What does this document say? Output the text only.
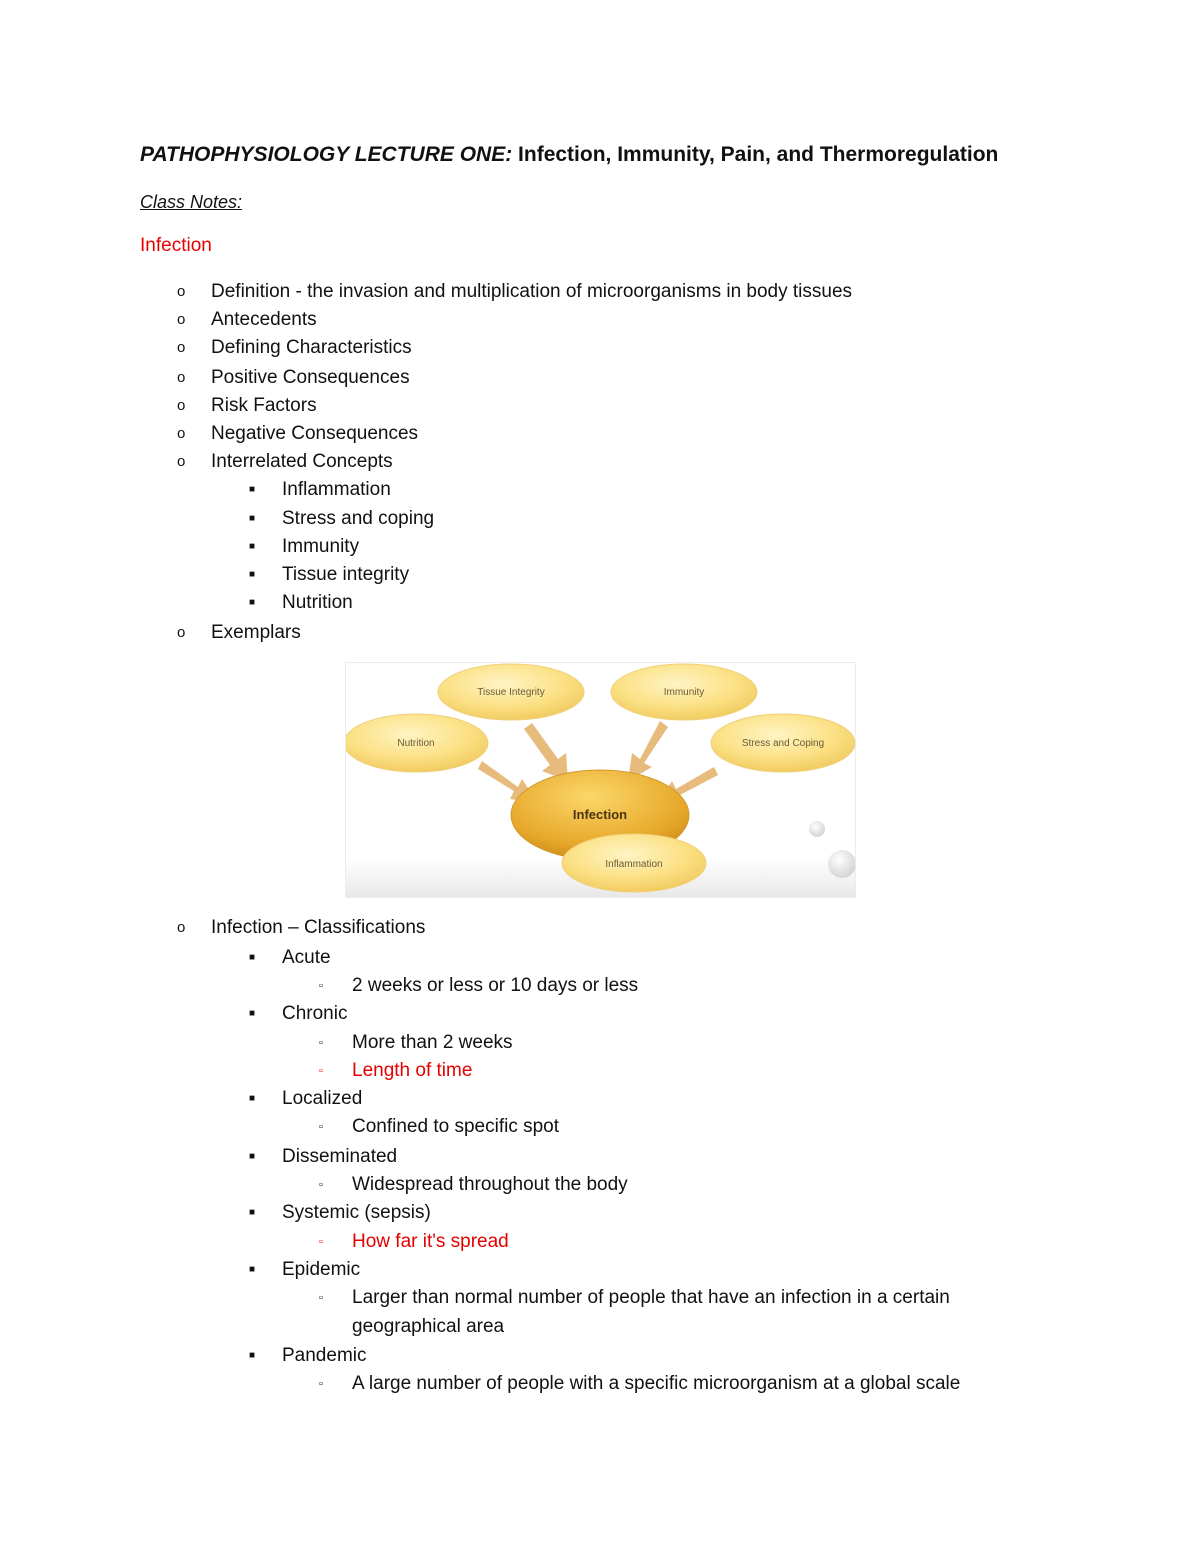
PATHOPHYSIOLOGY LECTURE ONE: Infection, Immunity, Pain, and Thermoregulation
Class Notes:
Infection
o Definition - the invasion and multiplication of microorganisms in body tissues
o Antecedents
o Defining Characteristics
o Positive Consequences
o Risk Factors
o Negative Consequences
o Interrelated Concepts
■ Inflammation
■ Stress and coping
■ Immunity
■ Tissue integrity
■ Nutrition
o Exemplars
Tissue Integrity	Immunity
Nutrition	Stress and Coping
Infection
Inflammation
o Infection – Classifications
■ Acute
▫ 2 weeks or less or 10 days or less
■ Chronic
▫ More than 2 weeks
▫ Length of time
■ Localized
▫ Confined to specific spot
■ Disseminated
▫ Widespread throughout the body
■ Systemic (sepsis)
▫ How far it's spread
■ Epidemic
▫ Larger than normal number of people that have an infection in a certain
geographical area
■ Pandemic
▫ A large number of people with a specific microorganism at a global scale
